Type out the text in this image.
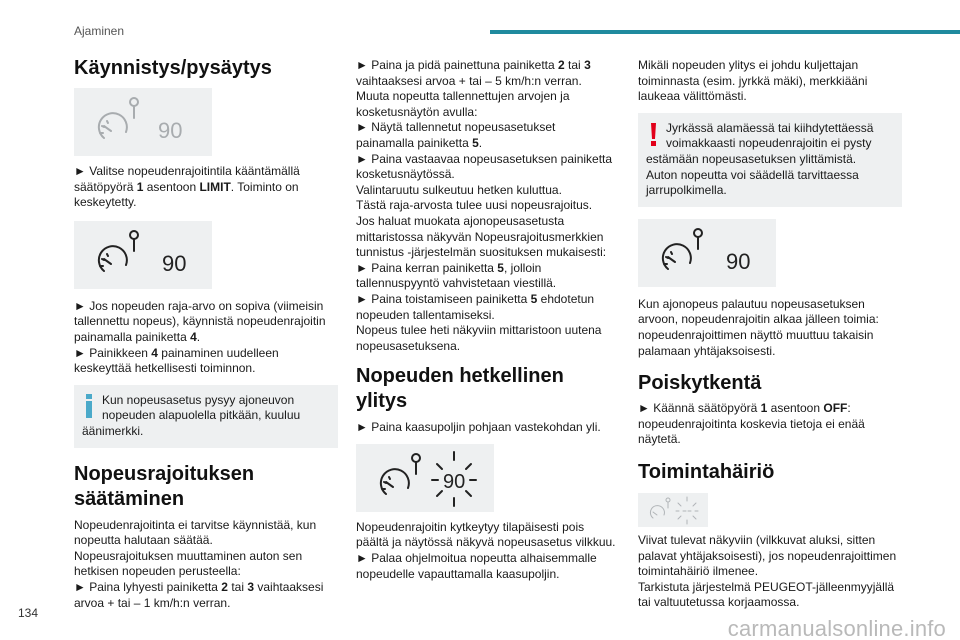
Ajaminen
Käynnistys/pysäytys
90

► Valitse nopeudenrajoitintila kääntämällä
säätöpyörä 1 asentoon LIMIT. Toiminto on
keskeytetty.

90

► Jos nopeuden raja-arvo on sopiva (viimeisin
tallennettu nopeus), käynnistä nopeudenrajoitin
painamalla painiketta 4.
► Painikkeen 4 painaminen uudelleen
keskeyttää hetkellisesti toiminnon.

Kun nopeusasetus pysyy ajoneuvon

nopeuden alapuolella pitkään, kuuluu

äänimerkki.

Nopeusrajoituksen
säätäminen

Nopeudenrajoitinta ei tarvitse käynnistää, kun
nopeutta halutaan säätää.
Nopeusrajoituksen muuttaminen auton sen
hetkisen nopeuden perusteella:
► Paina lyhyesti painiketta 2 tai 3 vaihtaaksesi
arvoa + tai – 1 km/h:n verran.

► Paina ja pidä painettuna painiketta 2 tai 3
vaihtaaksesi arvoa + tai – 5 km/h:n verran.
Muuta nopeutta tallennettujen arvojen ja
kosketusnäytön avulla:
► Näytä tallennetut nopeusasetukset
painamalla painiketta 5.
► Paina vastaavaa nopeusasetuksen painiketta
kosketusnäytössä.
Valintaruutu sulkeutuu hetken kuluttua.
Tästä raja-arvosta tulee uusi nopeusrajoitus.
Jos haluat muokata ajonopeusasetusta
mittaristossa näkyvän Nopeusrajoitusmerkkien
tunnistus -järjestelmän suosituksen mukaisesti:
► Paina kerran painiketta 5, jolloin
tallennuspyyntö vahvistetaan viestillä.
► Paina toistamiseen painiketta 5 ehdotetun
nopeuden tallentamiseksi.
Nopeus tulee heti näkyviin mittaristoon uutena
nopeusasetuksena.

Nopeuden hetkellinen ylitys

► Paina kaasupoljin pohjaan vastekohdan yli.

90

Nopeudenrajoitin kytkeytyy tilapäisesti pois
päältä ja näytössä näkyvä nopeusasetus vilkkuu.
► Palaa ohjelmoitua nopeutta alhaisemmalle
nopeudelle vapauttamalla kaasupoljin.

Mikäli nopeuden ylitys ei johdu kuljettajan
toiminnasta (esim. jyrkkä mäki), merkkiääni
laukeaa välittömästi.

Jyrkässä alamäessä tai kiihdytettäessä

voimakkaasti nopeudenrajoitin ei pysty

estämään nopeusasetuksen ylittämistä.

Auton nopeutta voi säädellä tarvittaessa

jarrupolkimella.

90

Kun ajonopeus palautuu nopeusasetuksen
arvoon, nopeudenrajoitin alkaa jälleen toimia:
nopeudenrajoittimen näyttö muuttuu takaisin
palamaan yhtäjaksoisesti.

Poiskytkentä

► Käännä säätöpyörä 1 asentoon OFF:
nopeudenrajoitinta koskevia tietoja ei enää
näytetä.

Toimintahäiriö

Viivat tulevat näkyviin (vilkkuvat aluksi, sitten
palavat yhtäjaksoisesti), jos nopeudenrajoittimen
toimintahäiriö ilmenee.
Tarkistuta järjestelmä PEUGEOT-jälleenmyyjällä
tai valtuutetussa korjaamossa.

134
carmanualsonline.info
